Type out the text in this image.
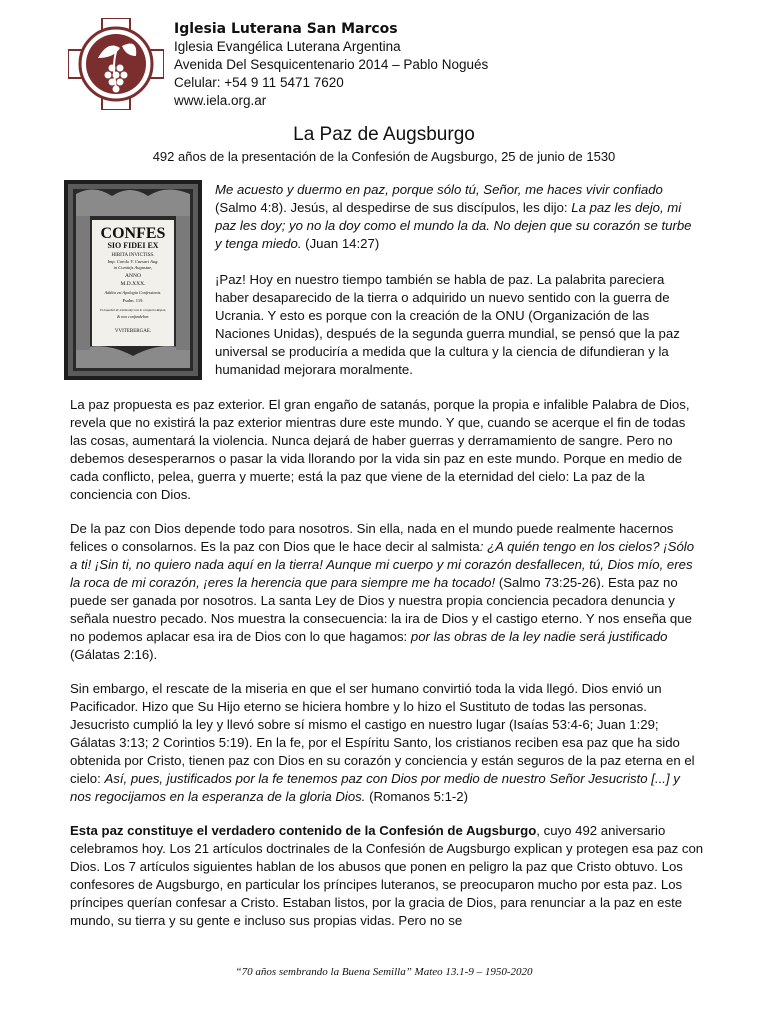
Iglesia Luterana San Marcos
Iglesia Evangélica Luterana Argentina
Avenida Del Sesquicentenario 2014 – Pablo Nogués
Celular: +54 9 11 5471 7620
www.iela.org.ar
La Paz de Augsburgo
492 años de la presentación de la Confesión de Augsburgo, 25 de junio de 1530
CONFES
SIO FIDEI EX
HIBITA INVICTISS.
Imp. Carolo V. Caesari Aug.
in Comitijs Augustae,
ANNO
M.D.XXX.
Addita est Apologia Confessionis.
Psalm. 119.
Et loquebar de testimonijs tuis in conspectu Regum,
& non confundebar.
VVITEBERGAE.

Me acuesto y duermo en paz, porque sólo tú, Señor, me haces vivir confiado (Salmo 4:8). Jesús, al despedirse de sus discípulos, les dijo: La paz les dejo, mi paz les doy; yo no la doy como el mundo la da. No dejen que su corazón se turbe y tenga miedo. (Juan 14:27)

¡Paz! Hoy en nuestro tiempo también se habla de paz. La palabrita pareciera haber desaparecido de la tierra o adquirido un nuevo sentido con la guerra de Ucrania. Y esto es porque con la creación de la ONU (Organización de las Naciones Unidas), después de la segunda guerra mundial, se pensó que la paz universal se produciría a medida que la cultura y la ciencia de difundieran y la humanidad mejorara moralmente.

La paz propuesta es paz exterior. El gran engaño de satanás, porque la propia e infalible Palabra de Dios, revela que no existirá la paz exterior mientras dure este mundo. Y que, cuando se acerque el fin de todas las cosas, aumentará la violencia. Nunca dejará de haber guerras y derramamiento de sangre. Pero no debemos desesperarnos o pasar la vida llorando por la vida sin paz en este mundo. Porque en medio de cada conflicto, pelea, guerra y muerte; está la paz que viene de la eternidad del cielo: La paz de la conciencia con Dios.

De la paz con Dios depende todo para nosotros. Sin ella, nada en el mundo puede realmente hacernos felices o consolarnos. Es la paz con Dios que le hace decir al salmista: ¿A quién tengo en los cielos? ¡Sólo a ti! ¡Sin ti, no quiero nada aquí en la tierra! Aunque mi cuerpo y mi corazón desfallecen, tú, Dios mío, eres la roca de mi corazón, ¡eres la herencia que para siempre me ha tocado! (Salmo 73:25-26). Esta paz no puede ser ganada por nosotros. La santa Ley de Dios y nuestra propia conciencia pecadora denuncia y señala nuestro pecado. Nos muestra la consecuencia: la ira de Dios y el castigo eterno. Y nos enseña que no podemos aplacar esa ira de Dios con lo que hagamos: por las obras de la ley nadie será justificado (Gálatas 2:16).

Sin embargo, el rescate de la miseria en que el ser humano convirtió toda la vida llegó. Dios envió un Pacificador. Hizo que Su Hijo eterno se hiciera hombre y lo hizo el Sustituto de todas las personas. Jesucristo cumplió la ley y llevó sobre sí mismo el castigo en nuestro lugar (Isaías 53:4-6; Juan 1:29; Gálatas 3:13; 2 Corintios 5:19). En la fe, por el Espíritu Santo, los cristianos reciben esa paz que ha sido obtenida por Cristo, tienen paz con Dios en su corazón y conciencia y están seguros de la paz eterna en el cielo: Así, pues, justificados por la fe tenemos paz con Dios por medio de nuestro Señor Jesucristo [...] y nos regocijamos en la esperanza de la gloria Dios. (Romanos 5:1-2)

Esta paz constituye el verdadero contenido de la Confesión de Augsburgo, cuyo 492 aniversario celebramos hoy. Los 21 artículos doctrinales de la Confesión de Augsburgo explican y protegen esa paz con Dios. Los 7 artículos siguientes hablan de los abusos que ponen en peligro la paz que Cristo obtuvo. Los confesores de Augsburgo, en particular los príncipes luteranos, se preocuparon mucho por esta paz. Los príncipes querían confesar a Cristo. Estaban listos, por la gracia de Dios, para renunciar a la paz en este mundo, su tierra y su gente e incluso sus propias vidas. Pero no se

“70 años sembrando la Buena Semilla” Mateo 13.1-9 – 1950-2020
